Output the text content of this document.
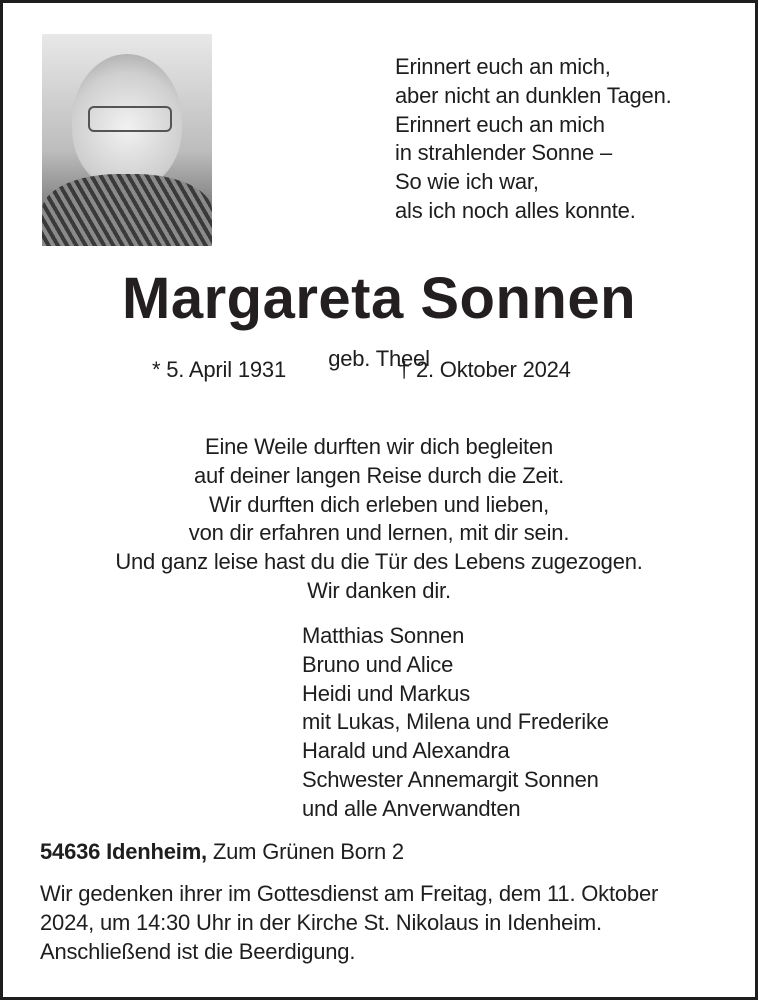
Erinnert euch an mich,
aber nicht an dunklen Tagen.
Erinnert euch an mich
in strahlender Sonne –
So wie ich war,
als ich noch alles konnte.
Margareta Sonnen
geb. Theel
* 5. April 1931	† 2. Oktober 2024
Eine Weile durften wir dich begleiten
auf deiner langen Reise durch die Zeit.
Wir durften dich erleben und lieben,
von dir erfahren und lernen, mit dir sein.
Und ganz leise hast du die Tür des Lebens zugezogen.
Wir danken dir.
Matthias Sonnen
Bruno und Alice
Heidi und Markus
mit Lukas, Milena und Frederike
Harald und Alexandra
Schwester Annemargit Sonnen
und alle Anverwandten
54636 Idenheim, Zum Grünen Born 2
Wir gedenken ihrer im Gottesdienst am Freitag, dem 11. Oktober
2024, um 14:30 Uhr in der Kirche St. Nikolaus in Idenheim.
Anschließend ist die Beerdigung.
